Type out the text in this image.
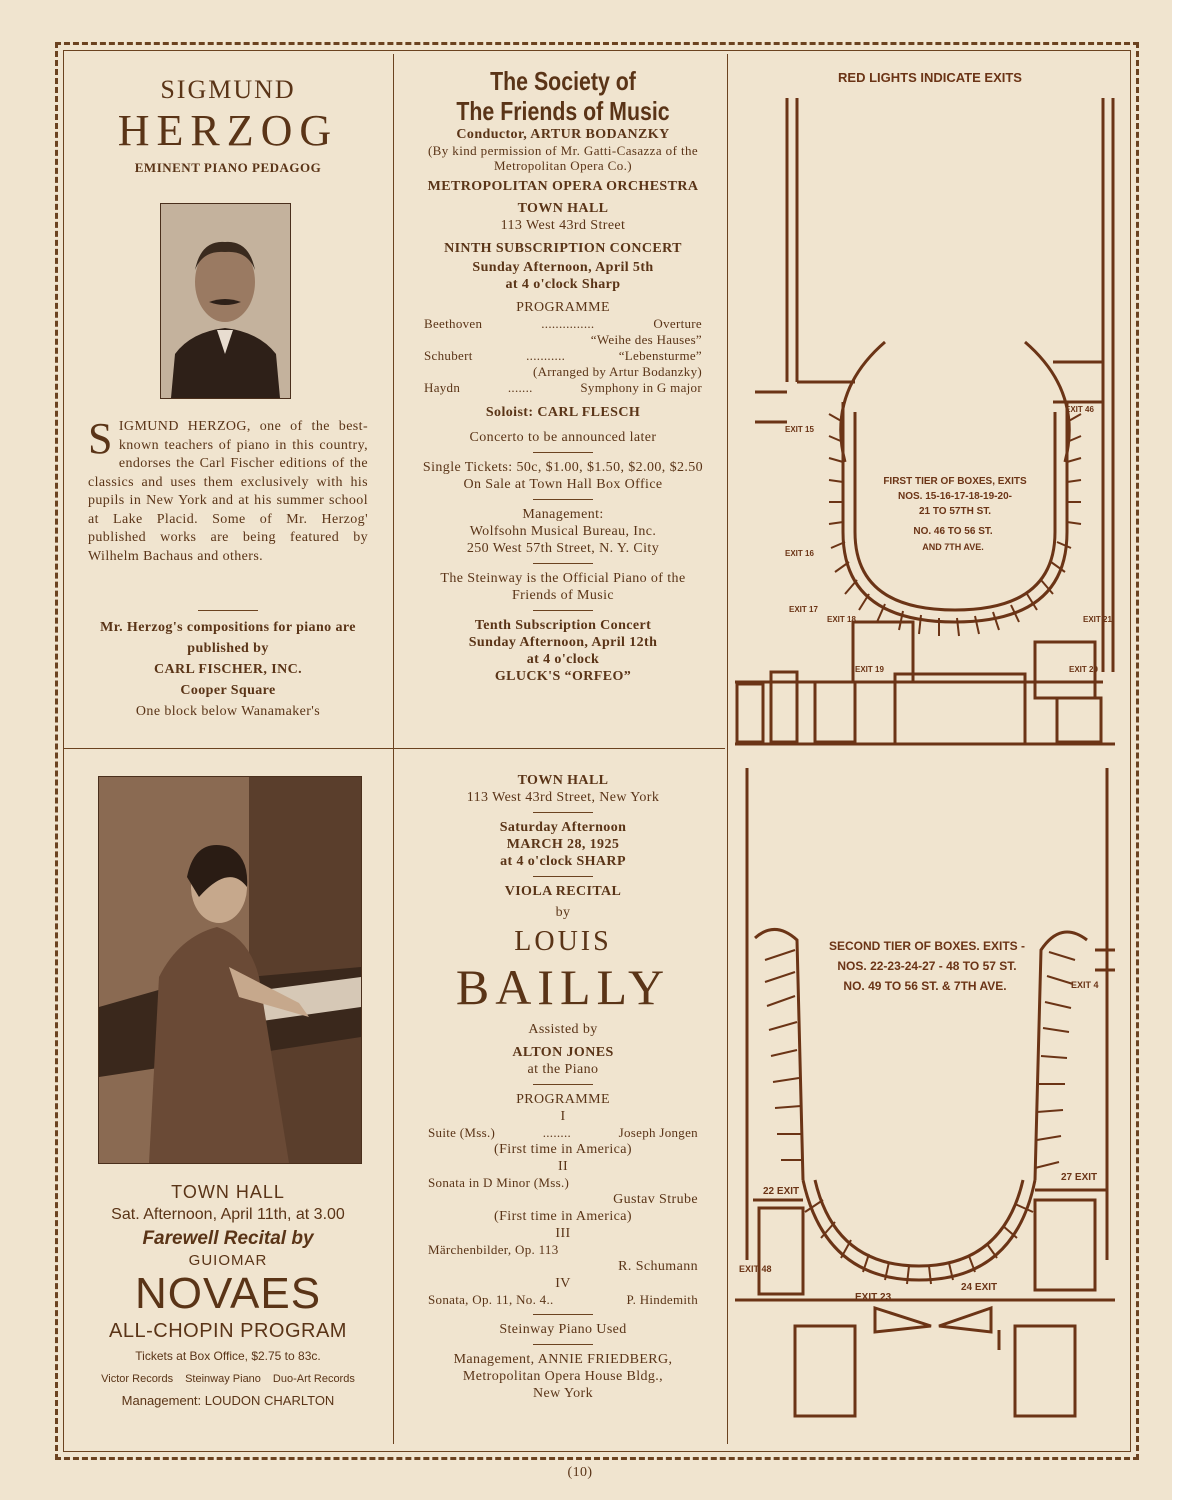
SIGMUND
HERZOG
EMINENT PIANO PEDAGOG
S IGMUND HERZOG, one of the best-known teachers of piano in this country, endorses the Carl Fischer editions of the classics and uses them exclusively with his pupils in New York and at his summer school at Lake Placid. Some of Mr. Herzog' published works are being featured by Wilhelm Bachaus and others.
Mr. Herzog's compositions for piano are published by
CARL FISCHER, INC.
Cooper Square
One block below Wanamaker's
The Society of
The Friends of Music
Conductor, ARTUR BODANZKY
(By kind permission of Mr. Gatti-Casazza of the Metropolitan Opera Co.)
METROPOLITAN OPERA ORCHESTRA
TOWN HALL
113 West 43rd Street
NINTH SUBSCRIPTION CONCERT
Sunday Afternoon, April 5th
at 4 o'clock Sharp
PROGRAMME
Beethoven	...............	Overture
“Weihe des Hauses”
Schubert	...........	“Lebensturme”
(Arranged by Artur Bodanzky)
Haydn	.......	Symphony in G major
Soloist: CARL FLESCH
Concerto to be announced later
Single Tickets: 50c, $1.00, $1.50, $2.00, $2.50
On Sale at Town Hall Box Office
Management:
Wolfsohn Musical Bureau, Inc.
250 West 57th Street, N. Y. City
The Steinway is the Official Piano of the Friends of Music
Tenth Subscription Concert
Sunday Afternoon, April 12th
at 4 o'clock
GLUCK'S “ORFEO”
RED LIGHTS INDICATE EXITS
FIRST TIER OF BOXES, EXITS
NOS. 15-16-17-18-19-20-
21 TO 57TH ST.
NO. 46 TO 56 ST.
AND 7TH AVE.
EXIT 15
EXIT 16
EXIT 17
EXIT 18
EXIT 19	EXIT 20
EXIT 21
EXIT 46
TOWN HALL
Sat. Afternoon, April 11th, at 3.00
Farewell Recital by
GUIOMAR
NOVAES
ALL-CHOPIN PROGRAM
Tickets at Box Office, $2.75 to 83c.
Victor Records Steinway Piano Duo-Art Records
Management: LOUDON CHARLTON
TOWN HALL
113 West 43rd Street, New York
Saturday Afternoon
MARCH 28, 1925
at 4 o'clock SHARP
VIOLA RECITAL
by
LOUIS
BAILLY
Assisted by
ALTON JONES
at the Piano
PROGRAMME
I
Suite (Mss.)	........	Joseph Jongen
(First time in America)
II
Sonata in D Minor (Mss.)
Gustav Strube
(First time in America)
III
Märchenbilder, Op. 113
R. Schumann
IV
Sonata, Op. 11, No. 4..	P. Hindemith
Steinway Piano Used
Management, ANNIE FRIEDBERG,
Metropolitan Opera House Bldg.,
New York
SECOND TIER OF BOXES. EXITS -
NOS. 22-23-24-27 - 48 TO 57 ST.
NO. 49 TO 56 ST. & 7TH AVE.
22 EXIT
EXIT 23
24 EXIT
27 EXIT
EXIT 48
EXIT 4
(10)
